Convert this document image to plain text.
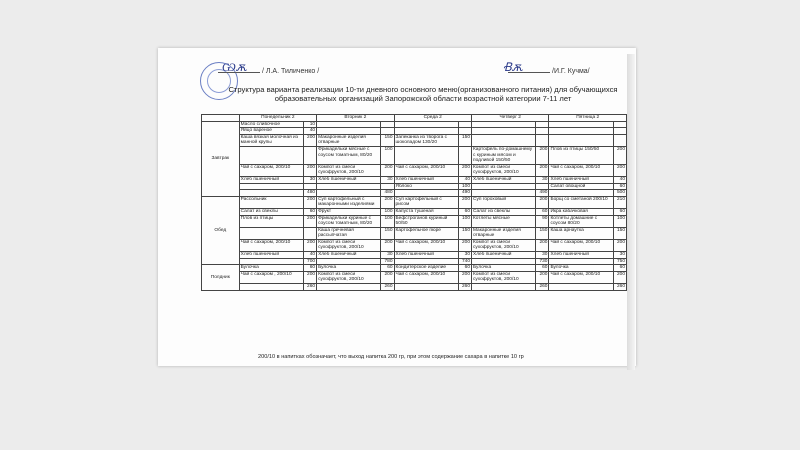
Ѡѫ	Ꞗѫ
/ Л.А. Тиличенко /	/И.Г. Кучма/
Структура варианта реализации 10-ти дневного основного меню(организованного питания) для обучающихся образовательных организаций Запорожской области возрастной категории 7-11 лет
	Понедельник 2		Вторник 2		Среда 2		Четверг 2		Пятница 2	
Завтрак	Масло сливочное	10								
	Яйцо вареное	40								
	Каша вязкая молочная из манной крупы	200	Макаронные изделия отварные	150	Запеканка из творога с шоколадом 130/20	150				
			Фрикадельки мясные с соусом томатным, 80/20	100			Картофель по-домашнему с куриным мясом и подливой 150/50	200	Плов из птицы 150/50	200
	Чай с сахаром, 200/10	200	Компот из смеси сухофруктов, 200/10	200	Чай с сахаром, 200/10	200	Компот из смеси сухофруктов, 200/10	200	Чай с сахаром, 200/10	200
	Хлеб пшеничный	30	Хлеб пшеничный	30	Хлеб пшеничный	40	Хлеб пшеничный	30	Хлеб пшеничный	40
					Яблоко	100			Салат овощной	60
		480		480		490		490		500
Обед	Рассольник	200	Суп картофельный с макаронными изделиями	200	Суп картофельный с рисом	200	Суп гороховый	200	Борщ со сметаной 200/10	210
	Салат из свеклы	60	Фрукт	100	Капуста тушеная	60	Салат из свеклы	60	Икра кабачковая	60
	Плов из птицы	200	Фрикадельки куриные с соусом томатным, 80/20	100	Бефстроганов куриный 50/50	100	Котлеты мясные	90	Котлеты домашние с соусом 80/20	100
			Каша гречневая рассыпчатая	150	Картофельное пюре	150	Макаронные изделия отварные	150	Каша арнаутка	150
	Чай с сахаром, 200/10	200	Компот из смеси сухофруктов, 200/10	200	Чай с сахаром, 200/10	200	Компот из смеси сухофруктов, 200/10	200	Чай с сахаром, 200/10	200
	Хлеб пшеничный	40	Хлеб пшеничный	30	Хлеб пшеничный	30	Хлеб пшеничный	30	Хлеб пшеничный	30
		700		780		740		730		750
Полдник	Булочка	60	Булочка	60	Кондитерское изделие	60	Булочка	60	Булочка	60
	Чай с сахаром , 200/10	200	Компот из смеси сухофруктов, 200/10	200	Чай с сахаром, 200/10	200	Компот из смеси сухофруктов, 200/10	200	Чай с сахаром, 200/10	200
		260		260		260		260		260
200/10 в напитках обозначает, что выход напитка 200 гр, при этом содержание сахара в напитке 10 гр
